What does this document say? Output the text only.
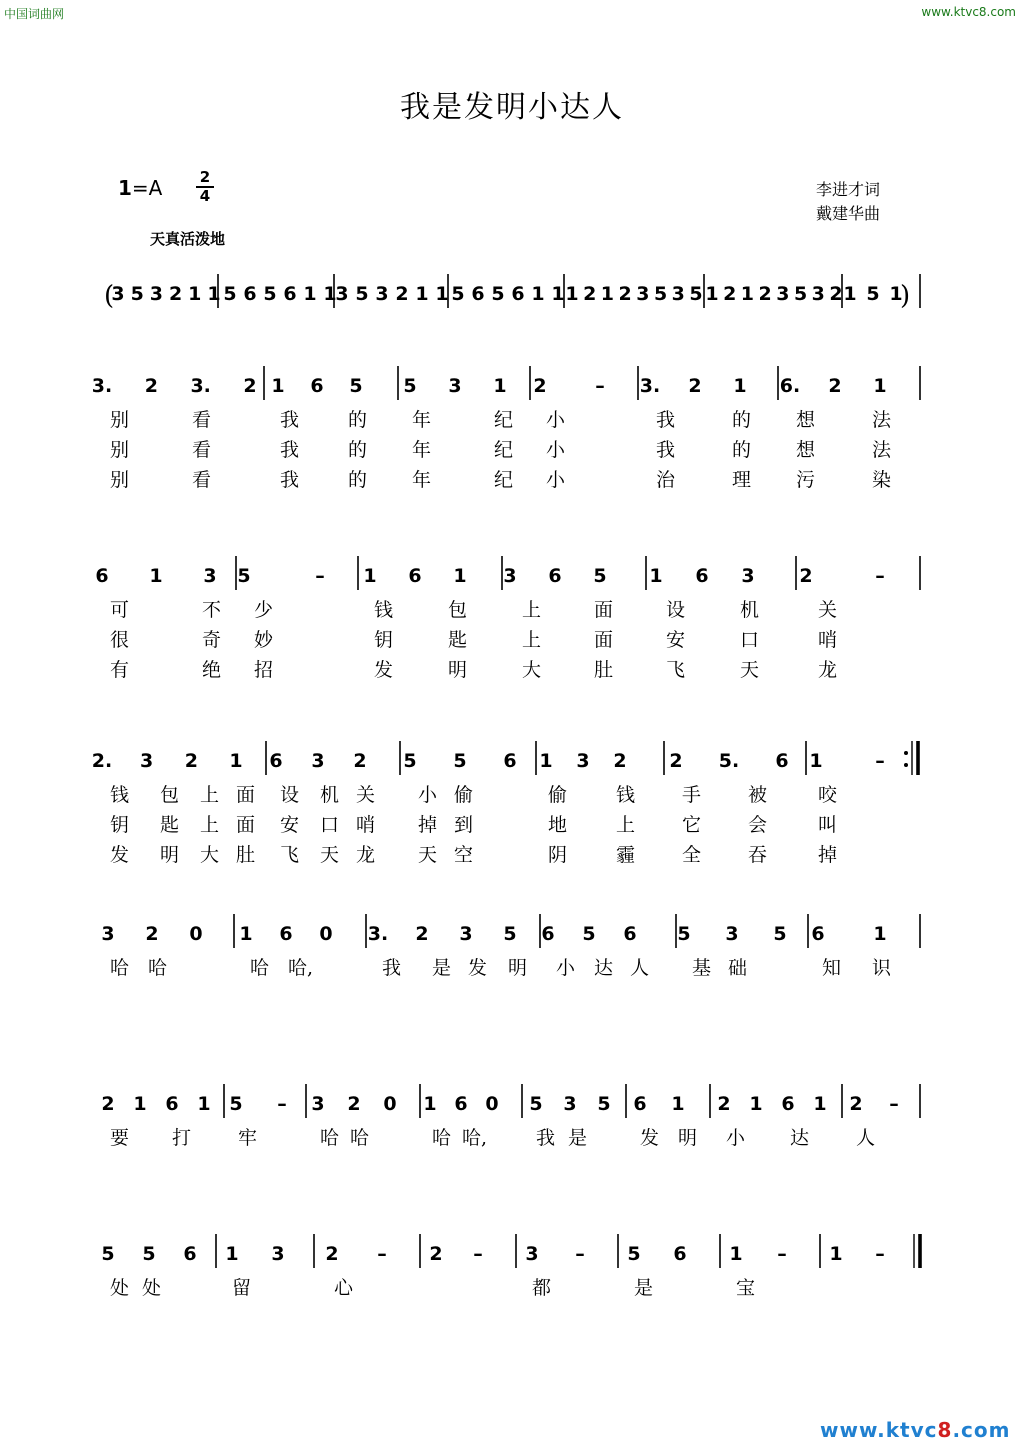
中国词曲网	www.ktvc8.com
我是发明小达人
1=A 2
4
天真活泼地
李进才词
戴建华曲
(	)
3 5 3 2 1 1 5 6 5 6 1 1
3 5 3 2 1 1 5 6 5 6 1 1 1 2 1 2 3 5 3 5 1 2 1 2 3 5 3 2 1 5 1
3. 2 3. 2 1 6 5 5 3 1 2	– 3. 2 1 6. 2 1
别	看	我	的 年	纪 小	我	的 想	法
别	看	我	的 年	纪 小	我	的 想	法
别	看	我	的 年	纪 小	治	理 污	染
6 1 3 5	– 1 6 1 3 6 5 1 6 3 2	–
可	不 少	钱	包	上	面	设	机	关
很	奇 妙	钥	匙	上	面	安	口	哨
有	绝 招	发	明	大	肚	飞	天	龙
2. 3 2 1 6 3 2 5 5 6 1 3 2 2 5. 6 1	–
钱 包 上 面 设 机 关 小 偷	偷	钱 手 被	咬
钥 匙 上 面 安 口 哨 掉 到	地	上 它 会	叫
发 明 大 肚 飞 天 龙 天 空	阴	霾 全 吞	掉
3 2 0 1 6 0 3. 2 3 5 6 5 6 5 3 5 6	1
哈 哈	哈 哈,	我 是 发 明 小 达 人 基 础	知 识
2 1 6 1 5 – 3 2 0 1 6 0 5 3 5 6 1 2 1 6 1 2 –
要 打 牢	哈 哈	哈 哈,	我 是	发 明 小 达 人
5 5 6 1 3 2 – 2 – 3 – 5 6 1 – 1 –
处 处	留	心	都	是	宝
www.ktvc8.com
